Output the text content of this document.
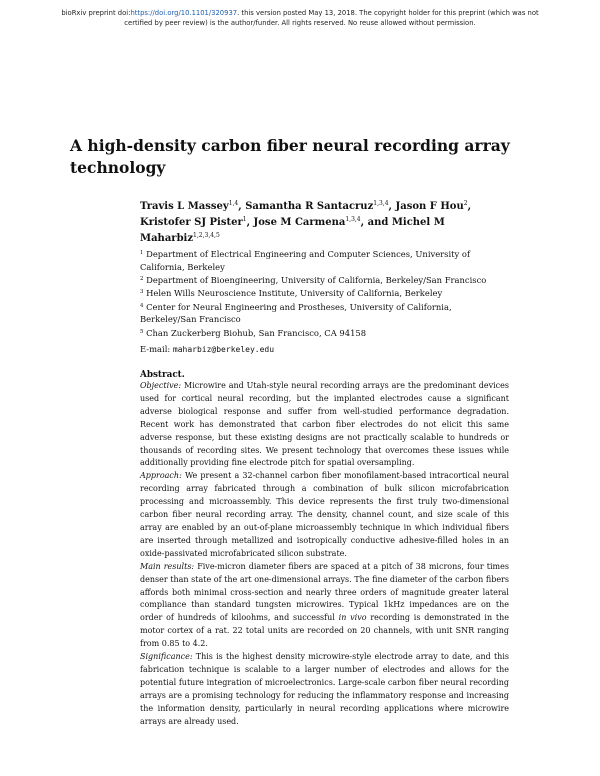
bioRxiv preprint doi:https://doi.org/10.1101/320937. this version posted May 13, 2018. The copyright holder for this preprint (which was not
certified by peer review) is the author/funder. All rights reserved. No reuse allowed without permission.
A high-density carbon fiber neural recording array technology
Travis L Massey$^{1,4}$, Samantha R Santacruz$^{1,3,4}$, Jason F Hou$^2$, Kristofer SJ Pister$^1$, Jose M Carmena$^{1,3,4}$, and Michel M Maharbiz$^{1,2,3,4,5}$
$^1$ Department of Electrical Engineering and Computer Sciences, University of California, Berkeley
$^2$ Department of Bioengineering, University of California, Berkeley/San Francisco
$^3$ Helen Wills Neuroscience Institute, University of California, Berkeley
$^4$ Center for Neural Engineering and Prostheses, University of California, Berkeley/San Francisco
$^5$ Chan Zuckerberg Biohub, San Francisco, CA 94158
E-mail: maharbiz@berkeley.edu
Abstract.

Objective: Microwire and Utah-style neural recording arrays are the predominant devices used for cortical neural recording, but the implanted electrodes cause a significant adverse biological response and suffer from well-studied performance degradation. Recent work has demonstrated that carbon fiber electrodes do not elicit this same adverse response, but these existing designs are not practically scalable to hundreds or thousands of recording sites. We present technology that overcomes these issues while additionally providing fine electrode pitch for spatial oversampling.

Approach: We present a 32-channel carbon fiber monofilament-based intracortical neural recording array fabricated through a combination of bulk silicon microfabrication processing and microassembly. This device represents the first truly two-dimensional carbon fiber neural recording array. The density, channel count, and size scale of this array are enabled by an out-of-plane microassembly technique in which individual fibers are inserted through metallized and isotropically conductive adhesive-filled holes in an oxide-passivated microfabricated silicon substrate.

Main results: Five-micron diameter fibers are spaced at a pitch of 38 microns, four times denser than state of the art one-dimensional arrays. The fine diameter of the carbon fibers affords both minimal cross-section and nearly three orders of magnitude greater lateral compliance than standard tungsten microwires. Typical 1kHz impedances are on the order of hundreds of kiloohms, and successful in vivo recording is demonstrated in the motor cortex of a rat. 22 total units are recorded on 20 channels, with unit SNR ranging from 0.85 to 4.2.

Significance: This is the highest density microwire-style electrode array to date, and this fabrication technique is scalable to a larger number of electrodes and allows for the potential future integration of microelectronics. Large-scale carbon fiber neural recording arrays are a promising technology for reducing the inflammatory response and increasing the information density, particularly in neural recording applications where microwire arrays are already used.
